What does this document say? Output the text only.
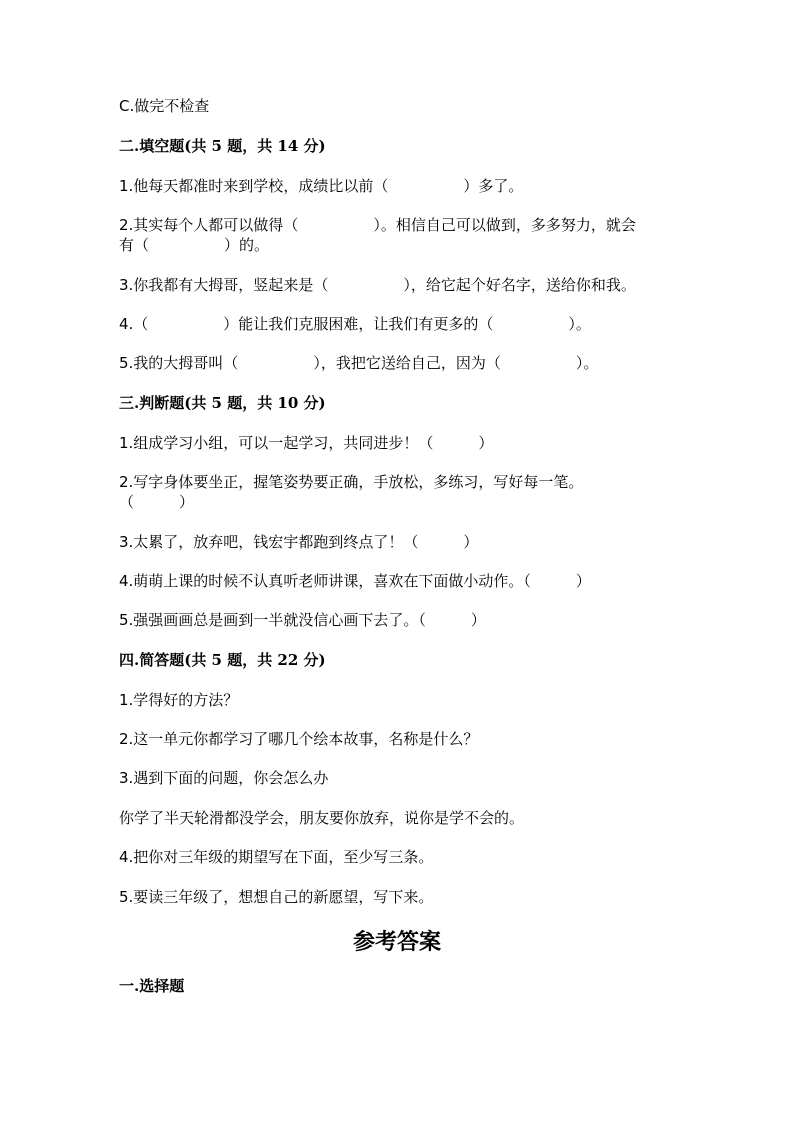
C.做完不检查
二.填空题(共 5 题，共 14 分)
1.他每天都准时来到学校，成绩比以前（　　　　　）多了。
2.其实每个人都可以做得（　　　　　）。相信自己可以做到，多多努力，就会
有（　　　　　）的。
3.你我都有大拇哥，竖起来是（　　　　　），给它起个好名字，送给你和我。
4.（　　　　　）能让我们克服困难，让我们有更多的（　　　　　）。
5.我的大拇哥叫（　　　　　），我把它送给自己，因为（　　　　　）。
三.判断题(共 5 题，共 10 分)
1.组成学习小组，可以一起学习，共同进步！（　　　）
2.写字身体要坐正，握笔姿势要正确，手放松，多练习，写好每一笔。
（　　　）
3.太累了，放弃吧，钱宏宇都跑到终点了！（　　　）
4.萌萌上课的时候不认真听老师讲课，喜欢在下面做小动作。（　　　）
5.强强画画总是画到一半就没信心画下去了。（　　　）
四.简答题(共 5 题，共 22 分)
1.学得好的方法？
2.这一单元你都学习了哪几个绘本故事，名称是什么？
3.遇到下面的问题，你会怎么办
你学了半天轮滑都没学会，朋友要你放弃，说你是学不会的。
4.把你对三年级的期望写在下面，至少写三条。
5.要读三年级了，想想自己的新愿望，写下来。
参考答案
一.选择题
